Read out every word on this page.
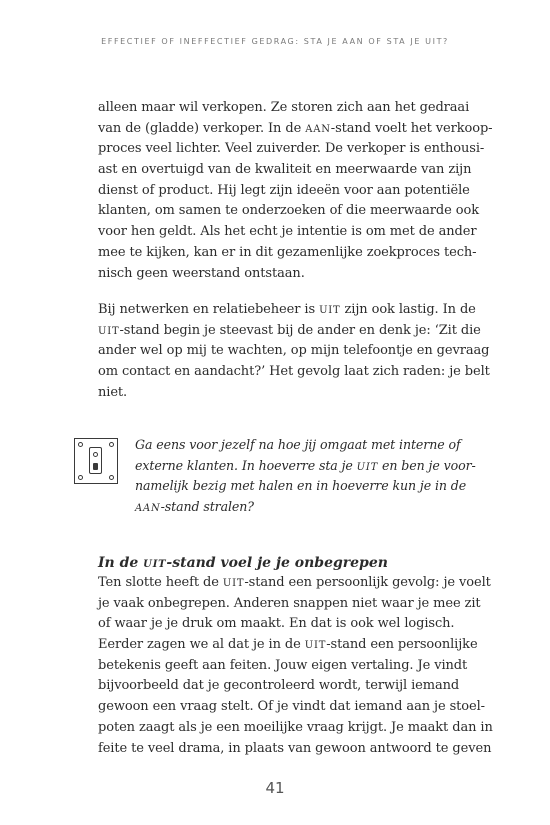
EFFECTIEF OF INEFFECTIEF GEDRAG: STA JE AAN OF STA JE UIT?
alleen maar wil verkopen. Ze storen zich aan het gedraai
van de (gladde) verkoper. In de AAN-stand voelt het verkoop-
proces veel lichter. Veel zuiverder. De verkoper is enthousi-
ast en overtuigd van de kwaliteit en meerwaarde van zijn
dienst of product. Hij legt zijn ideeën voor aan potentiële
klanten, om samen te onderzoeken of die meerwaarde ook
voor hen geldt. Als het echt je intentie is om met de ander
mee te kijken, kan er in dit gezamenlijke zoekproces tech-
nisch geen weerstand ontstaan.
Bij netwerken en relatiebeheer is UIT zijn ook lastig. In de
UIT-stand begin je steevast bij de ander en denk je: ‘Zit die
ander wel op mij te wachten, op mijn telefoontje en gevraag
om contact en aandacht?’ Het gevolg laat zich raden: je belt
niet.
Ga eens voor jezelf na hoe jij omgaat met interne of
externe klanten. In hoeverre sta je UIT en ben je voor-
namelijk bezig met halen en in hoeverre kun je in de
AAN-stand stralen?
In de UIT-stand voel je je onbegrepen
Ten slotte heeft de UIT-stand een persoonlijk gevolg: je voelt
je vaak onbegrepen. Anderen snappen niet waar je mee zit
of waar je je druk om maakt. En dat is ook wel logisch.
Eerder zagen we al dat je in de UIT-stand een persoonlijke
betekenis geeft aan feiten. Jouw eigen vertaling. Je vindt
bijvoorbeeld dat je gecontroleerd wordt, terwijl iemand
gewoon een vraag stelt. Of je vindt dat iemand aan je stoel-
poten zaagt als je een moeilijke vraag krijgt. Je maakt dan in
feite te veel drama, in plaats van gewoon antwoord te geven
41
